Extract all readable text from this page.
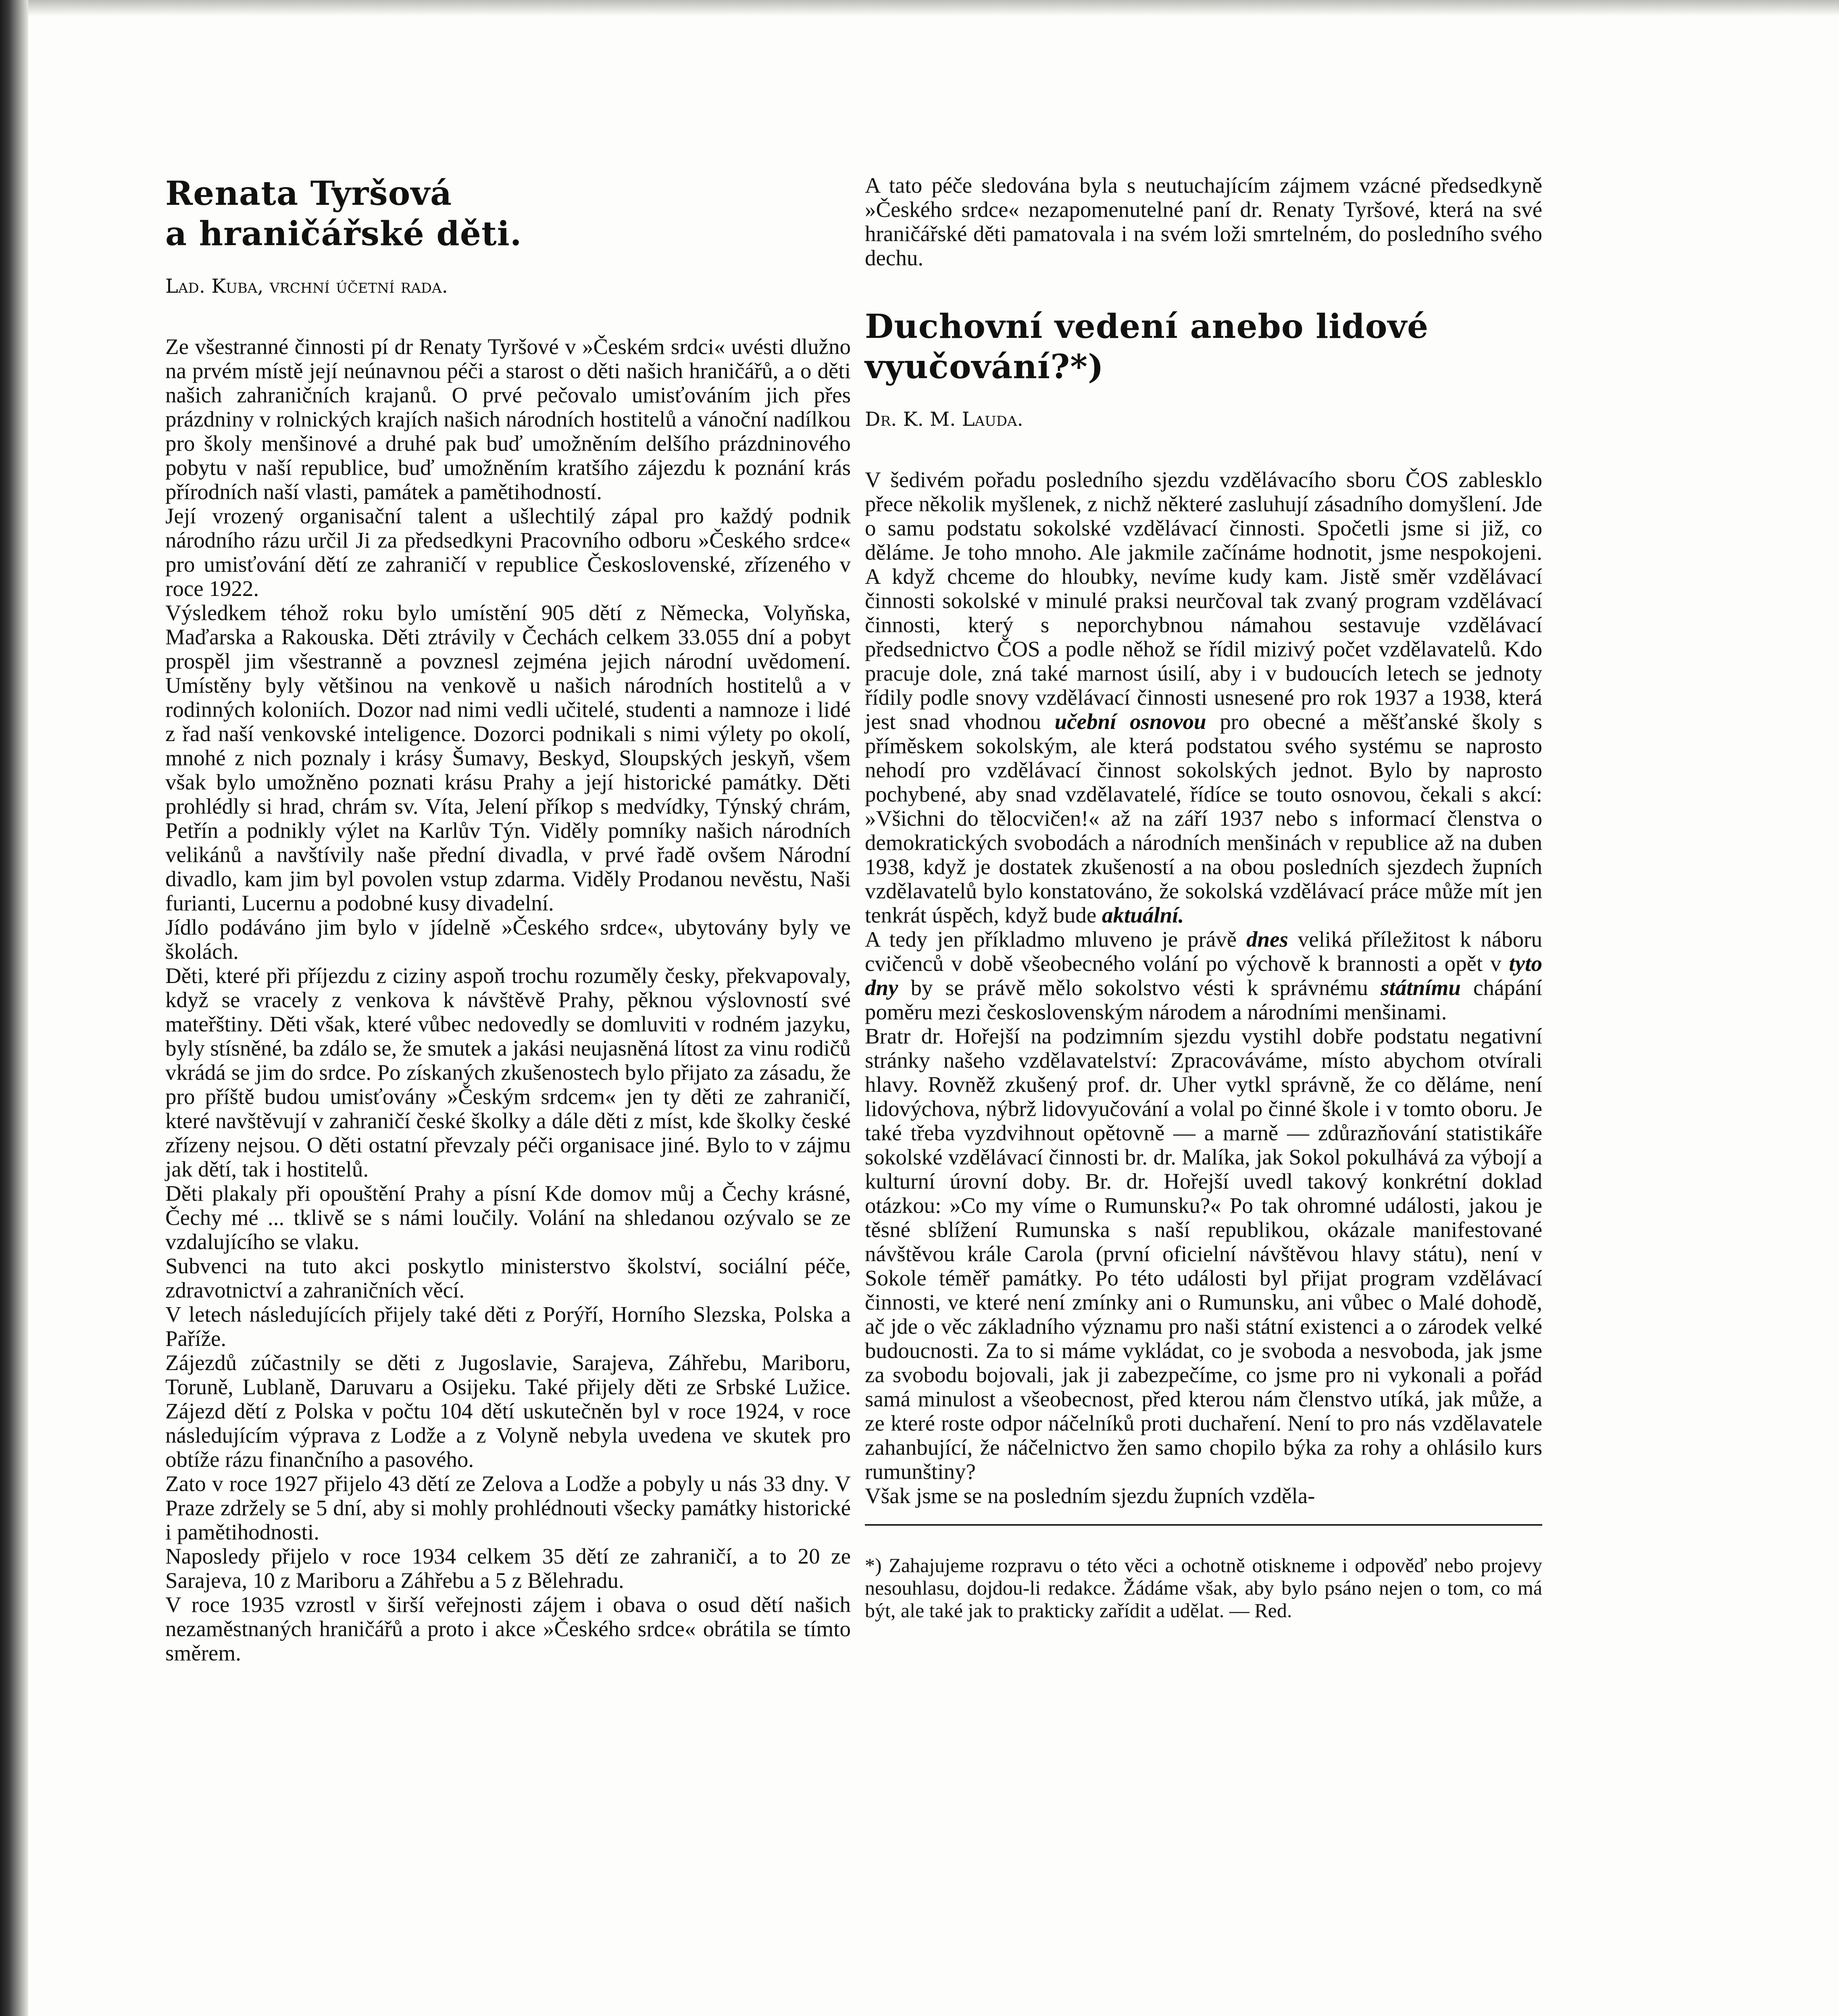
Renata Tyršová
a hraničářské děti.
Lad. Kuba, vrchní účetní rada.

Ze všestranné činnosti pí dr Renaty Tyršové v »Českém srdci« uvésti dlužno na prvém místě její neúnavnou péči a starost o děti našich hraničářů, a o děti našich zahraničních krajanů. O prvé pečovalo umisťováním jich přes prázdniny v rolnických krajích našich národních hostitelů a vánoční nadílkou pro školy menšinové a druhé pak buď umožněním delšího prázdninového pobytu v naší republice, buď umožněním kratšího zájezdu k poznání krás přírodních naší vlasti, památek a pamětihodností.

Její vrozený organisační talent a ušlechtilý zápal pro každý podnik národního rázu určil Ji za předsedkyni Pracovního odboru »Českého srdce« pro umisťování dětí ze zahraničí v republice Československé, zřízeného v roce 1922.

Výsledkem téhož roku bylo umístění 905 dětí z Německa, Volyňska, Maďarska a Rakouska. Děti ztrávily v Čechách celkem 33.055 dní a pobyt prospěl jim všestranně a povznesl zejména jejich národní uvědomení. Umístěny byly většinou na venkově u našich národních hostitelů a v rodinných koloniích. Dozor nad nimi vedli učitelé, studenti a namnoze i lidé z řad naší venkovské inteligence. Dozorci podnikali s nimi výlety po okolí, mnohé z nich poznaly i krásy Šumavy, Beskyd, Sloupských jeskyň, všem však bylo umožněno poznati krásu Prahy a její historické památky. Děti prohlédly si hrad, chrám sv. Víta, Jelení příkop s medvídky, Týnský chrám, Petřín a podnikly výlet na Karlův Týn. Viděly pomníky našich národních velikánů a navštívily naše přední divadla, v prvé řadě ovšem Národní divadlo, kam jim byl povolen vstup zdarma. Viděly Prodanou nevěstu, Naši furianti, Lucernu a podobné kusy divadelní.

Jídlo podáváno jim bylo v jídelně »Českého srdce«, ubytovány byly ve školách.

Děti, které při příjezdu z ciziny aspoň trochu rozuměly česky, překvapovaly, když se vracely z venkova k návštěvě Prahy, pěknou výslovností své mateřštiny. Děti však, které vůbec nedovedly se domluviti v rodném jazyku, byly stísněné, ba zdálo se, že smutek a jakási neujasněná lítost za vinu rodičů vkrádá se jim do srdce. Po získaných zkušenostech bylo přijato za zásadu, že pro příště budou umisťovány »Českým srdcem« jen ty děti ze zahraničí, které navštěvují v zahraničí české školky a dále děti z míst, kde školky české zřízeny nejsou. O děti ostatní převzaly péči organisace jiné. Bylo to v zájmu jak dětí, tak i hostitelů.

Děti plakaly při opouštění Prahy a písní Kde domov můj a Čechy krásné, Čechy mé ... tklivě se s námi loučily. Volání na shledanou ozývalo se ze vzdalujícího se vlaku.

Subvenci na tuto akci poskytlo ministerstvo školství, sociální péče, zdravotnictví a zahraničních věcí.

V letech následujících přijely také děti z Porýří, Horního Slezska, Polska a Paříže.

Zájezdů zúčastnily se děti z Jugoslavie, Sarajeva, Záhřebu, Mariboru, Toruně, Lublaně, Daruvaru a Osijeku. Také přijely děti ze Srbské Lužice. Zájezd dětí z Polska v počtu 104 dětí uskutečněn byl v roce 1924, v roce následujícím výprava z Lodže a z Volyně nebyla uvedena ve skutek pro obtíže rázu finančního a pasového.

Zato v roce 1927 přijelo 43 dětí ze Zelova a Lodže a pobyly u nás 33 dny. V Praze zdržely se 5 dní, aby si mohly prohlédnouti všecky památky historické i pamětihodnosti.

Naposledy přijelo v roce 1934 celkem 35 dětí ze zahraničí, a to 20 ze Sarajeva, 10 z Mariboru a Záhřebu a 5 z Bělehradu.

V roce 1935 vzrostl v širší veřejnosti zájem i obava o osud dětí našich nezaměstnaných hraničářů a proto i akce »Českého srdce« obrátila se tímto směrem.

A tato péče sledována byla s neutuchajícím zájmem vzácné předsedkyně »Českého srdce« nezapomenutelné paní dr. Renaty Tyršové, která na své hraničářské děti pamatovala i na svém loži smrtelném, do posledního svého dechu.

Duchovní vedení anebo lidové
vyučování?*)
Dr. K. M. Lauda.

V šedivém pořadu posledního sjezdu vzdělávacího sboru ČOS zablesklo přece několik myšlenek, z nichž některé zasluhují zásadního domyšlení. Jde o samu podstatu sokolské vzdělávací činnosti. Spočetli jsme si již, co děláme. Je toho mnoho. Ale jakmile začínáme hodnotit, jsme nespokojeni. A když chceme do hloubky, nevíme kudy kam. Jistě směr vzdělávací činnosti sokolské v minulé praksi neurčoval tak zvaný program vzdělávací činnosti, který s neporchybnou námahou sestavuje vzdělávací předsednictvo ČOS a podle něhož se řídil mizivý počet vzdělavatelů. Kdo pracuje dole, zná také marnost úsilí, aby i v budoucích letech se jednoty řídily podle snovy vzdělávací činnosti usnesené pro rok 1937 a 1938, která jest snad vhodnou učební osnovou pro obecné a měšťanské školy s příměskem sokolským, ale která podstatou svého systému se naprosto nehodí pro vzdělávací činnost sokolských jednot. Bylo by naprosto pochybené, aby snad vzdělavatelé, řídíce se touto osnovou, čekali s akcí: »Všichni do tělocvičen!« až na září 1937 nebo s informací členstva o demokratických svobodách a národních menšinách v republice až na duben 1938, když je dostatek zkušeností a na obou posledních sjezdech župních vzdělavatelů bylo konstatováno, že sokolská vzdělávací práce může mít jen tenkrát úspěch, když bude aktuální.

A tedy jen příkladmo mluveno je právě dnes veliká příležitost k náboru cvičenců v době všeobecného volání po výchově k brannosti a opět v tyto dny by se právě mělo sokolstvo vésti k správnému státnímu chápání poměru mezi československým národem a národními menšinami.

Bratr dr. Hořejší na podzimním sjezdu vystihl dobře podstatu negativní stránky našeho vzdělavatelství: Zpracováváme, místo abychom otvírali hlavy. Rovněž zkušený prof. dr. Uher vytkl správně, že co děláme, není lidovýchova, nýbrž lidovyučování a volal po činné škole i v tomto oboru. Je také třeba vyzdvihnout opětovně — a marně — zdůrazňování statistikáře sokolské vzdělávací činnosti br. dr. Malíka, jak Sokol pokulhává za výbojí a kulturní úrovní doby. Br. dr. Hořejší uvedl takový konkrétní doklad otázkou: »Co my víme o Rumunsku?« Po tak ohromné události, jakou je těsné sblížení Rumunska s naší republikou, okázale manifestované návštěvou krále Carola (první oficielní návštěvou hlavy státu), není v Sokole téměř památky. Po této události byl přijat program vzdělávací činnosti, ve které není zmínky ani o Rumunsku, ani vůbec o Malé dohodě, ač jde o věc základního významu pro naši státní existenci a o zárodek velké budoucnosti. Za to si máme vykládat, co je svoboda a nesvoboda, jak jsme za svobodu bojovali, jak ji zabezpečíme, co jsme pro ni vykonali a pořád samá minulost a všeobecnost, před kterou nám členstvo utíká, jak může, a ze které roste odpor náčelníků proti duchaření. Není to pro nás vzdělavatele zahanbující, že náčelnictvo žen samo chopilo býka za rohy a ohlásilo kurs rumunštiny?

Však jsme se na posledním sjezdu župních vzděla-

*) Zahajujeme rozpravu o této věci a ochotně otiskneme i odpověď nebo projevy nesouhlasu, dojdou-li redakce. Žádáme však, aby bylo psáno nejen o tom, co má být, ale také jak to prakticky zařídit a udělat. — Red.
